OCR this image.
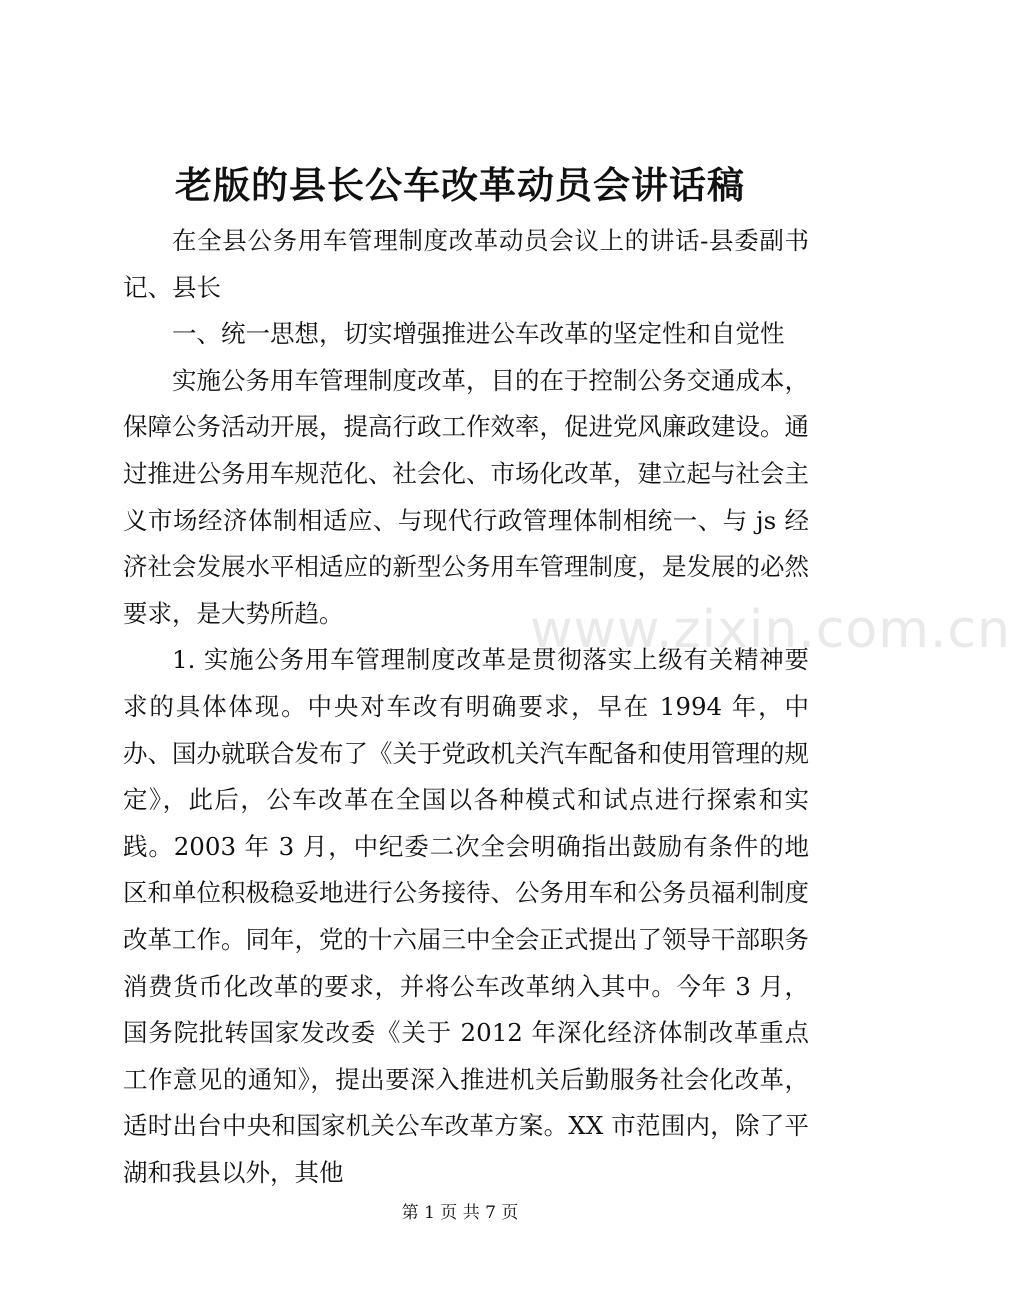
老版的县长公车改革动员会讲话稿

在全县公务用车管理制度改革动员会议上的讲话-县委副书记、县长

一、统一思想，切实增强推进公车改革的坚定性和自觉性

实施公务用车管理制度改革，目的在于控制公务交通成本，保障公务活动开展，提高行政工作效率，促进党风廉政建设。通过推进公务用车规范化、社会化、市场化改革，建立起与社会主义市场经济体制相适应、与现代行政管理体制相统一、与 js 经济社会发展水平相适应的新型公务用车管理制度，是发展的必然要求，是大势所趋。

1. 实施公务用车管理制度改革是贯彻落实上级有关精神要求的具体体现。中央对车改有明确要求，早在 1994 年，中办、国办就联合发布了《关于党政机关汽车配备和使用管理的规定》，此后，公车改革在全国以各种模式和试点进行探索和实践。2003 年 3 月，中纪委二次全会明确指出鼓励有条件的地区和单位积极稳妥地进行公务接待、公务用车和公务员福利制度改革工作。同年，党的十六届三中全会正式提出了领导干部职务消费货币化改革的要求，并将公车改革纳入其中。今年 3 月，国务院批转国家发改委《关于 2012 年深化经济体制改革重点工作意见的通知》，提出要深入推进机关后勤服务社会化改革，适时出台中央和国家机关公车改革方案。XX 市范围内，除了平湖和我县以外，其他

www.zixin.com.cn
第 1 页 共 7 页
